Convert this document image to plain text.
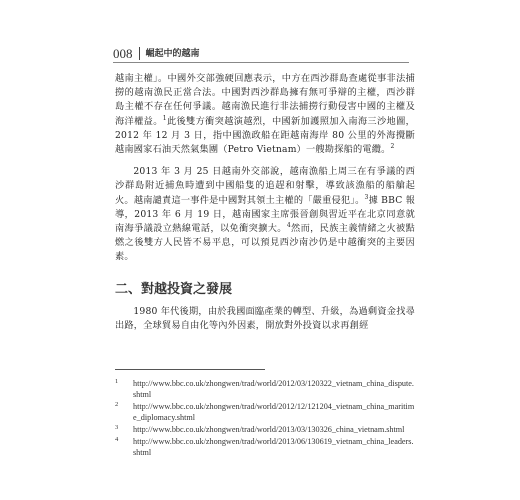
008 崛起中的越南

越南主權」。中國外交部強硬回應表示，中方在西沙群島查處從事非法捕撈的越南漁民正當合法。中國對西沙群島擁有無可爭辯的主權，西沙群島主權不存在任何爭議。越南漁民進行非法捕撈行動侵害中國的主權及海洋權益。$^1$此後雙方衝突越演越烈，中國新加護照加入南海三沙地圖，2012 年 12 月 3 日，指中國漁政船在距越南海岸 80 公里的外海攪斷越南國家石油天然氣集團（Petro Vietnam）一艘勘探船的電纜。$^2$

2013 年 3 月 25 日越南外交部說，越南漁船上周三在有爭議的西沙群島附近捕魚時遭到中國船隻的追趕和射擊，導致該漁船的船艙起火。越南譴責這一事件是中國對其領土主權的「嚴重侵犯」。$^3$據 BBC 報導，2013 年 6 月 19 日，越南國家主席張晉創與習近平在北京同意就南海爭議設立熱線電話，以免衝突擴大。$^4$然而，民族主義情緒之火被點燃之後雙方人民皆不易平息，可以預見西沙南沙仍是中越衝突的主要因素。

二、對越投資之發展

1980 年代後期，由於我國面臨產業的轉型、升級，為過剩資金找尋出路，全球貿易自由化等內外因素，開放對外投資以求再創經

1 http://www.bbc.co.uk/zhongwen/trad/world/2012/03/120322_vietnam_china_dispute.shtml
2 http://www.bbc.co.uk/zhongwen/trad/world/2012/12/121204_vietnam_china_maritime_diplomacy.shtml
3 http://www.bbc.co.uk/zhongwen/trad/world/2013/03/130326_china_vietnam.shtml
4 http://www.bbc.co.uk/zhongwen/trad/world/2013/06/130619_vietnam_china_leaders.shtml
